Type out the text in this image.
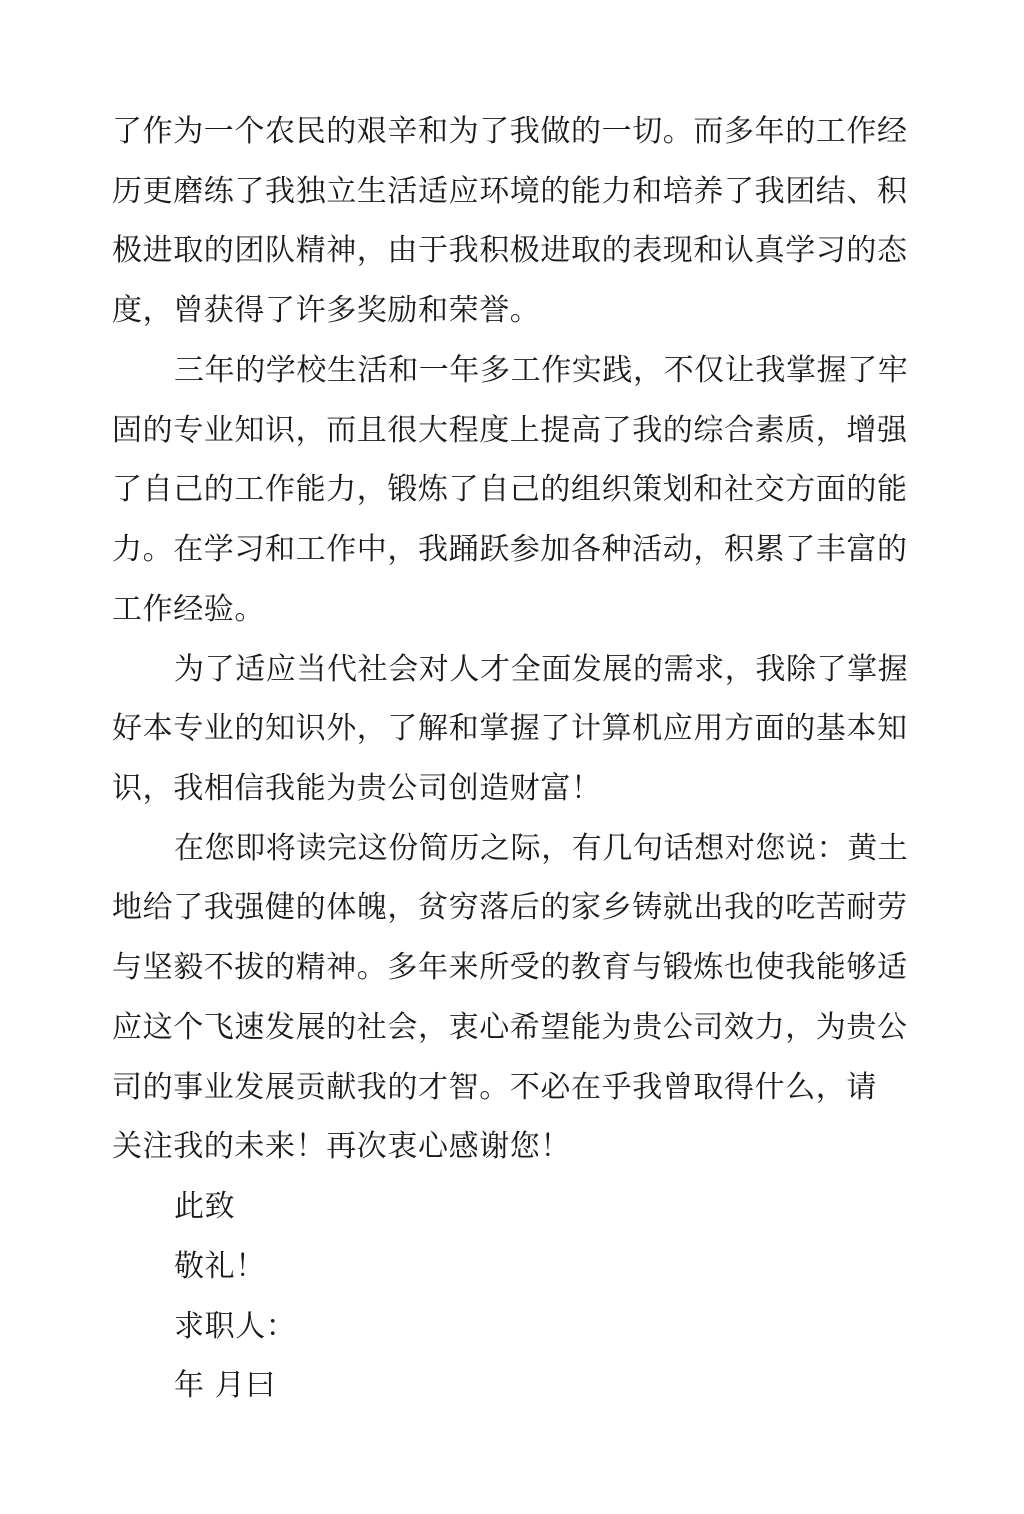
了作为一个农民的艰辛和为了我做的一切。而多年的工作经
历更磨练了我独立生活适应环境的能力和培养了我团结、积
极进取的团队精神，由于我积极进取的表现和认真学习的态
度，曾获得了许多奖励和荣誉。
三年的学校生活和一年多工作实践，不仅让我掌握了牢
固的专业知识，而且很大程度上提高了我的综合素质，增强
了自己的工作能力，锻炼了自己的组织策划和社交方面的能
力。在学习和工作中，我踊跃参加各种活动，积累了丰富的
工作经验。
为了适应当代社会对人才全面发展的需求，我除了掌握
好本专业的知识外，了解和掌握了计算机应用方面的基本知
识，我相信我能为贵公司创造财富！
在您即将读完这份简历之际，有几句话想对您说：黄土
地给了我强健的体魄，贫穷落后的家乡铸就出我的吃苦耐劳
与坚毅不拔的精神。多年来所受的教育与锻炼也使我能够适
应这个飞速发展的社会，衷心希望能为贵公司效力，为贵公
司的事业发展贡献我的才智。不必在乎我曾取得什么，请
关注我的未来！再次衷心感谢您！
此致
敬礼！
求职人：
年 月曰
